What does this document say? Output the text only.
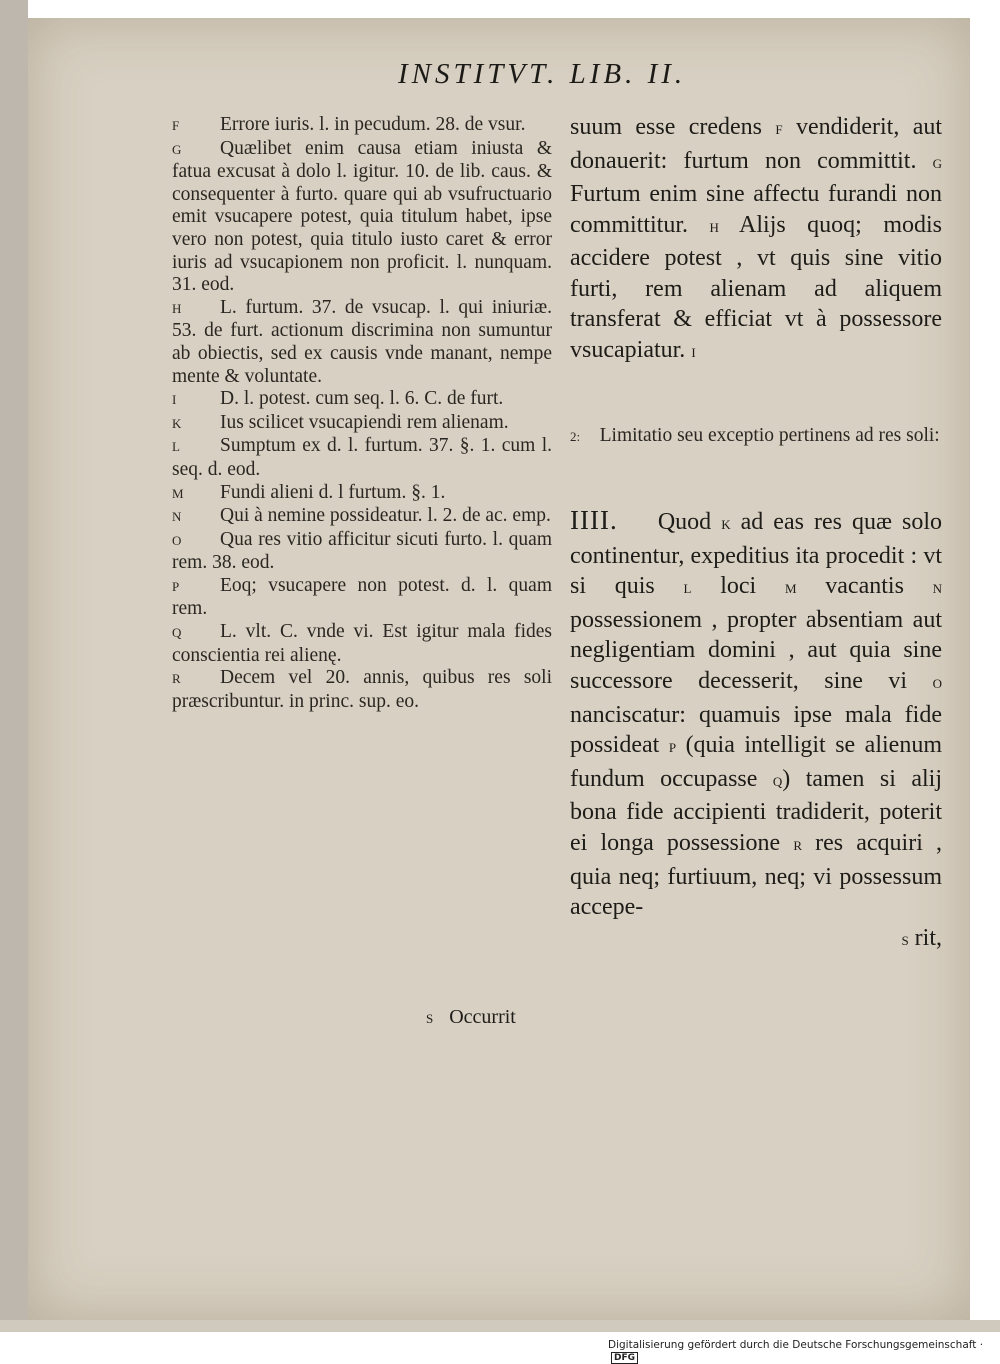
INSTITVT. LIB. II.

F Errore iuris. l. in pecudum. 28. de vsur.

G Quælibet enim causa etiam iniusta & fatua excusat à dolo l. igitur. 10. de lib. caus. & consequenter à furto. quare qui ab vsufructuario emit vsucapere potest, quia titulum habet, ipse vero non potest, quia titulo iusto caret & error iuris ad vsucapionem non proficit. l. nunquam. 31. eod.

H L. furtum. 37. de vsucap. l. qui iniuriæ. 53. de furt. actionum discrimina non sumuntur ab obiectis, sed ex causis vnde manant, nempe mente & voluntate.

I D. l. potest. cum seq. l. 6. C. de furt.

K Ius scilicet vsucapiendi rem alienam.

L Sumptum ex d. l. furtum. 37. §. 1. cum l. seq. d. eod.

M Fundi alieni d. l furtum. §. 1.

N Qui à nemine possideatur. l. 2. de ac. emp.

O Qua res vitio afficitur sicuti furto. l. quam rem. 38. eod.

P Eoq; vsucapere non potest. d. l. quam rem.

Q L. vlt. C. vnde vi. Est igitur mala fides conscientia rei alienę.

R Decem vel 20. annis, quibus res soli præscribuntur. in princ. sup. eo.

suum esse credens F vendiderit, aut donauerit: furtum non committit. G Furtum enim sine affectu furandi non committitur. H Alijs quoq; modis accidere potest , vt quis sine vitio furti, rem alienam ad aliquem transferat & efficiat vt à possessore vsucapiatur. I

2: Limitatio seu exceptio pertinens ad res soli:

IIII. Quod K ad eas res quæ solo continentur, expeditius ita procedit : vt si quis L loci M vacantis N possessionem , propter absentiam aut negligentiam domini , aut quia sine successore decesserit, sine vi O nanciscatur: quamuis ipse mala fide possideat P (quia intelligit se alienum fundum occupasse Q) tamen si alij bona fide accipienti tradiderit, poterit ei longa possessione R res acquiri , quia neq; furtiuum, neq; vi possessum accepe-

S rit,

S Occurrit
Digitalisierung gefördert durch die Deutsche Forschungsgemeinschaft ·DFG
